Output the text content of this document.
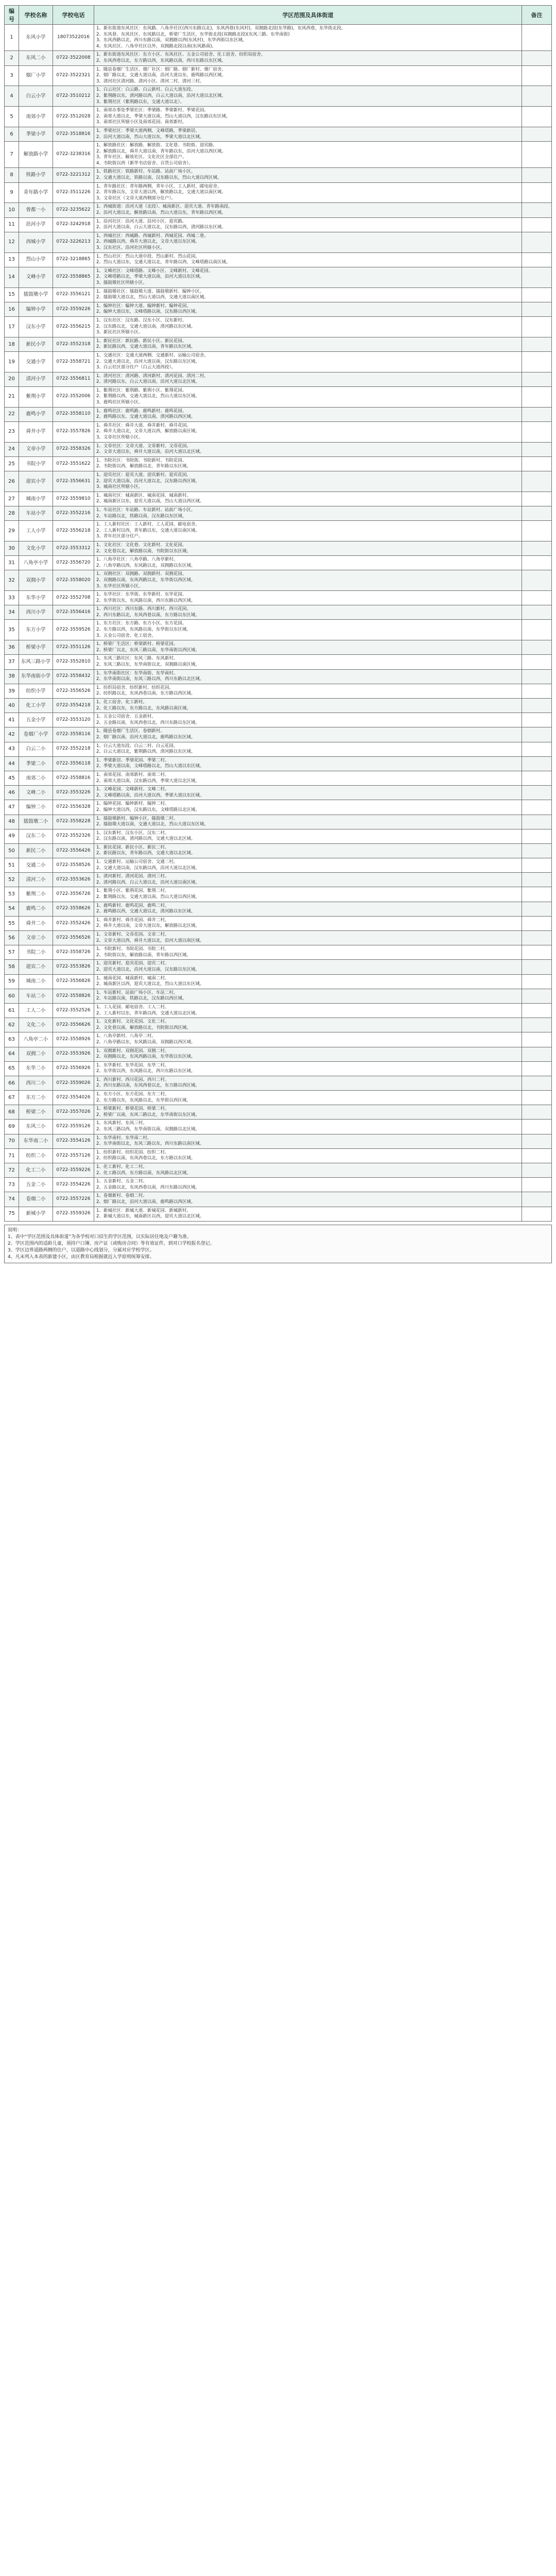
编号	学校名称	学校电话	学区范围及具体街道	备注
1	东风小学	18073522016	1、新东街道东风社区：东风路、八角亭社区(西川东路以北)，东风西巷(东风村)，双拥路北段(东华路)，东风西巷，东华街北段。
2、东风巷、东风社区、东风路以北，桥梁厂生活区，东华街北段(双拥路北段)(东风三路、东华南街)
3、东风西路以北，西川东路以南，双拥路以西(东风村)，东华西街以东区域。
4、东风社区、八角亭社区以外，双拥路北段以南(东风路南)。	

2	东风二小	0722-3522008	1、新东街道东风社区：东方小区、东风社区、五金公司宿舍、化工宿舍、纺织局宿舍。
2、东风西巷以北，东方路以西，东风路以南，西川东路以东区域。	

3	烟厂小学	0722-3522321	1、随县卷烟厂生活区、烟厂社区：烟厂路、烟厂新村、烟厂宿舍。
2、烟厂路以北，交通大道以南，沿河大道以东，鹿鸣路以西区域。
3、清河社区清河路、清河小区、清河二村、清河三村。	

4	白云小学	0722-3510212	1、白云社区：白云路、白云新村、白云大道东段。
2、紫荆路以东，清河路以西，白云大道以南，沿河大道以北区域。
3、紫荆社区（紫荆路以东，交通大道以北）。	

5	南郊小学	0722-3512028	1、南郊办事处季梁社区：季梁路、季梁新村、季梁花园。
2、南郊大道以北，季梁大道以南，烈山大道以西，汉东路以东区域。
3、南郊社区所辖小区及南郊花园、南郊新村。	

6	季梁小学	0722-3518816	1、季梁社区：季梁大道两侧，文峰塔路，季梁新居。
2、沿河大道以南，烈山大道以东，季梁大道以北区域。	

7	解放路小学	0722-3238316	1、解放路社区：解放路、解放街、文化巷、书院街、迎宾路。
2、解放路以北，舜井大道以南，青年路以东，沿河大道以西区域。
3、青年社区、解放社区、文化社区全部住户。
4、书院街以西（新华书店宿舍、百货公司宿舍）。	

8	铁路小学	0722-3221312	1、铁路社区：铁路新村、车站路、站前广场小区。
2、交通大道以北，铁路以南，汉东路以东，烈山大道以西区域。	

9	青年路小学	0722-3511226	1、青年路社区：青年路两侧，青年小区，工人新村，邮电宿舍。
2、青年路以东，文帝大道以西，解放路以北，交通大道以南区域。
3、文帝社区（文帝大道西侧部分住户）。	

10	曾都一小	0722-3235622	1、西城街道：沿河大道（北段）、城南新区、迎宾大道、青年路南段。
2、沿河大道以北，解放路以南，烈山大道以东，青年路以西区域。	

11	沿河小学	0722-3242918	1、沿河社区：沿河大道、沿河小区、迎宾路。
2、沿河大道以南，白云大道以北，汉东路以西，清河路以东区域。	

12	西城小学	0722-3226213	1、西城社区：西城路、西城新村、西城花园、西城二巷。
2、西城路以西，舜井大道以北，文帝大道以东区域。
3、汉东社区、沿河社区所辖小区。	

13	烈山小学	0722-3218865	1、烈山社区：烈山大道中段、烈山新村、烈山花园。
2、烈山大道以东，交通大道以北，青年路以西，文峰塔路以南区域。	

14	文峰小学	0722-3558865	1、文峰社区：文峰塔路、文峰小区、文峰新村、文峰花园。
2、文峰塔路以北，季梁大道以南，沿河大道以东区域。
3、擂鼓墩社区所辖小区。	

15	擂鼓墩小学	0722-3556121	1、擂鼓墩社区：擂鼓墩大道、擂鼓墩新村、编钟小区。
2、擂鼓墩大道以北，烈山大道以西，交通大道以南区域。	

16	编钟小学	0722-3559226	1、编钟社区：编钟大道、编钟新村、编钟花园。
2、编钟大道以东，文峰塔路以南，汉东路以西区域。	

17	汉东小学	0722-3556215	1、汉东社区：汉东路、汉东小区、汉东新村。
2、汉东路以北，交通大道以南，清河路以东区域。
3、新民社区所辖小区。	

18	新民小学	0722-3552318	1、新民社区：新民路、新民小区、新民花园。
2、新民路以西，交通大道以南，青年路以东区域。	

19	交通小学	0722-3558721	1、交通社区：交通大道两侧、交通新村、运输公司宿舍。
2、交通大道以北，沿河大道以南，汉东路以东区域。
3、白云社区部分住户（白云大道西段）。	

20	清河小学	0722-3556811	1、清河社区：清河路、清河新村、清河花园、清河二村。
2、清河路以东，白云大道以南，沿河大道以北区域。	

21	紫荆小学	0722-3552006	1、紫荆社区：紫荆路、紫荆小区、紫荆花园。
2、紫荆路以西，交通大道以北，烈山大道以东区域。
3、鹿鸣社区所辖小区。	

22	鹿鸣小学	0722-3558110	1、鹿鸣社区：鹿鸣路、鹿鸣新村、鹿鸣花园。
2、鹿鸣路以东，交通大道以南，清河路以西区域。	

23	舜井小学	0722-3557826	1、舜井社区：舜井大道、舜井新村、舜井花园。
2、舜井大道以北，文帝大道以西，解放路以南区域。
3、文帝社区所辖小区。	

24	文帝小学	0722-3558326	1、文帝社区：文帝大道、文帝新村、文帝花园。
2、文帝大道以东，舜井大道以南，沿河大道以北区域。	

25	书院小学	0722-3551622	1、书院社区：书院街、书院新村、书院花园。
2、书院街以西，解放路以北，青年路以东区域。	

26	迎宾小学	0722-3556631	1、迎宾社区：迎宾大道、迎宾新村、迎宾花园。
2、迎宾大道以南，沿河大道以北，汉东路以西区域。
3、城南社区所辖小区。	

27	城南小学	0722-3559810	1、城南社区：城南新区、城南花园、城南新村。
2、城南新区以东，迎宾大道以南，烈山大道以西区域。	

28	车站小学	0722-3552216	1、车站社区：车站路、车站新村、站前广场小区。
2、车站路以北，铁路以南，汉东路以东区域。	

29	工人小学	0722-3556218	1、工人新村社区：工人新村、工人花园、邮电宿舍。
2、工人新村以西，青年路以东，交通大道以南区域。
3、青年社区部分住户。	

30	文化小学	0722-3553312	1、文化社区：文化巷、文化新村、文化花园。
2、文化巷以北，解放路以南，书院街以东区域。	

31	八角亭小学	0722-3556720	1、八角亭社区：八角亭路、八角亭新村。
2、八角亭路以西，东风路以北，双拥路以东区域。	

32	双拥小学	0722-3558020	1、双拥社区：双拥路、双拥新村、双拥花园。
2、双拥路以南，东风西路以北，东华街以西区域。
3、东华社区所辖小区。	

33	东华小学	0722-3552708	1、东华社区：东华街、东华新村、东华花园。
2、东华街以东，东风路以南，西川东路以西区域。	

34	西川小学	0722-3556416	1、西川社区：西川东路、西川新村、西川花园。
2、西川东路以北，东风西巷以南，东方路以东区域。	

35	东方小学	0722-3559526	1、东方社区：东方路、东方小区、东方花园。
2、东方路以西，东风路以南，东华街以东区域。
3、五金公司宿舍、化工宿舍。	

36	桥梁小学	0722-3551126	1、桥梁厂生活区：桥梁新村、桥梁花园。
2、桥梁厂以北，东风三路以南，东华南街以西区域。	

37	东风三路小学	0722-3552810	1、东风三路社区：东风三路、东风新村。
2、东风三路以东，东华南街以北，双拥路以南区域。	

38	东华南街小学	0722-3558432	1、东华南街社区：东华南街、东华南村。
2、东华南街以南，东风三路以西，西川东路以北区域。	

39	纺织小学	0722-3556526	1、纺织局宿舍、纺织新村、纺织花园。
2、纺织路以北，东风西巷以南，东方路以西区域。	

40	化工小学	0722-3554218	1、化工宿舍、化工新村。
2、化工路以东，东方路以北，东风路以南区域。	

41	五金小学	0722-3553120	1、五金公司宿舍、五金新村。
2、五金路以南，东风西巷以北，西川东路以东区域。	

42	卷烟厂小学	0722-3558116	1、随县卷烟厂生活区、卷烟新村。
2、烟厂路以南，沿河大道以北，鹿鸣路以东区域。	

43	白云二小	0722-3552218	1、白云大道东段、白云二村、白云花园。
2、白云大道以北，紫荆路以西，清河路以东区域。	

44	季梁二小	0722-3556118	1、季梁新居、季梁花园、季梁二村。
2、季梁大道以南，文峰塔路以北，烈山大道以东区域。	

45	南郊二小	0722-3558816	1、南郊花园、南郊新村、南郊二村。
2、南郊大道以南，汉东路以西，季梁大道以北区域。	

46	文峰二小	0722-3553226	1、文峰花园、文峰新村、文峰二村。
2、文峰塔路以南，沿河大道以西，季梁大道以东区域。	

47	编钟二小	0722-3556328	1、编钟花园、编钟新村、编钟二村。
2、编钟大道以西，汉东路以东，文峰塔路以北区域。	

48	擂鼓墩二小	0722-3558228	1、擂鼓墩新村、编钟小区、擂鼓墩二村。
2、擂鼓墩大道以南，交通大道以北，烈山大道以东区域。	

49	汉东二小	0722-3552326	1、汉东新村、汉东小区、汉东二村。
2、汉东路以南，清河路以西，交通大道以北区域。	

50	新民二小	0722-3556426	1、新民花园、新民小区、新民二村。
2、新民路以东，青年路以西，交通大道以北区域。	

51	交通二小	0722-3558526	1、交通新村、运输公司宿舍、交通二村。
2、交通大道以南，汉东路以西，沿河大道以北区域。	

52	清河二小	0722-3553626	1、清河新村、清河花园、清河三村。
2、清河路以西，白云大道以北，沿河大道以南区域。	

53	紫荆二小	0722-3556726	1、紫荆小区、紫荆花园、紫荆二村。
2、紫荆路以东，交通大道以南，烈山大道以西区域。	

54	鹿鸣二小	0722-3558626	1、鹿鸣新村、鹿鸣花园、鹿鸣二村。
2、鹿鸣路以西，交通大道以北，清河路以东区域。	

55	舜井二小	0722-3552426	1、舜井新村、舜井花园、舜井二村。
2、舜井大道以南，文帝大道以东，解放路以北区域。	

56	文帝二小	0722-3556526	1、文帝新村、文帝花园、文帝二村。
2、文帝大道以西，舜井大道以北，沿河大道以南区域。	

57	书院二小	0722-3558726	1、书院新村、书院花园、书院二村。
2、书院街以东，解放路以南，青年路以西区域。	

58	迎宾二小	0722-3553826	1、迎宾新村、迎宾花园、迎宾二村。
2、迎宾大道以北，沿河大道以南，汉东路以东区域。	

59	城南二小	0722-3556826	1、城南花园、城南新村、城南二村。
2、城南新区以西，迎宾大道以北，烈山大道以东区域。	

60	车站二小	0722-3558826	1、车站新村、站前广场小区、车站二村。
2、车站路以南，铁路以北，汉东路以西区域。	

61	工人二小	0722-3552526	1、工人花园、邮电宿舍、工人二村。
2、工人新村以东，青年路以西，交通大道以北区域。	

62	文化二小	0722-3556626	1、文化新村、文化花园、文化二村。
2、文化巷以南，解放路以北，书院街以西区域。	

63	八角亭二小	0722-3558926	1、八角亭新村、八角亭二村。
2、八角亭路以东，东风路以南，双拥路以西区域。	

64	双拥二小	0722-3553926	1、双拥新村、双拥花园、双拥二村。
2、双拥路以北，东风西路以南，东华街以东区域。	

65	东华二小	0722-3556926	1、东华新村、东华花园、东华二村。
2、东华街以西，东风路以北，西川东路以东区域。	

66	西川二小	0722-3559026	1、西川新村、西川花园、西川二村。
2、西川东路以南，东风西巷以北，东方路以西区域。	

67	东方二小	0722-3554026	1、东方小区、东方花园、东方二村。
2、东方路以东，东风路以北，东华街以西区域。	

68	桥梁二小	0722-3557026	1、桥梁新村、桥梁花园、桥梁二村。
2、桥梁厂以南，东风三路以北，东华南街以东区域。	

69	东风三小	0722-3559126	1、东风新村、东风三村。
2、东风三路以西，东华南街以南，双拥路以北区域。	

70	东华南二小	0722-3554126	1、东华南村、东华南二村。
2、东华南街以北，东风三路以东，西川东路以南区域。	

71	纺织二小	0722-3557126	1、纺织新村、纺织花园、纺织二村。
2、纺织路以南，东风西巷以北，东方路以东区域。	

72	化工二小	0722-3559226	1、化工新村、化工二村。
2、化工路以西，东方路以南，东风路以北区域。	

73	五金二小	0722-3554226	1、五金新村、五金二村。
2、五金路以北，东风西巷以南，西川东路以西区域。	

74	卷烟二小	0722-3557226	1、卷烟新村、卷烟二村。
2、烟厂路以北，沿河大道以南，鹿鸣路以西区域。	

75	新城小学	0722-3559326	1、新城社区：新城大道、新城花园、新城新村。
2、新城大道以东，城南新区以西，迎宾大道以北区域。	

说明：
1、表中“学区范围及具体街道”为各学校对口招生的学区范围，以实际居住地及户籍为准。
2、学区范围内的适龄儿童，须持户口簿、房产证（或购房合同）等有效证件，到对口学校报名登记。
3、学区边界道路两侧的住户，以道路中心线划分，分属对应学校学区。
4、凡未列入本表的新建小区，由区教育局根据就近入学原则统筹安排。
